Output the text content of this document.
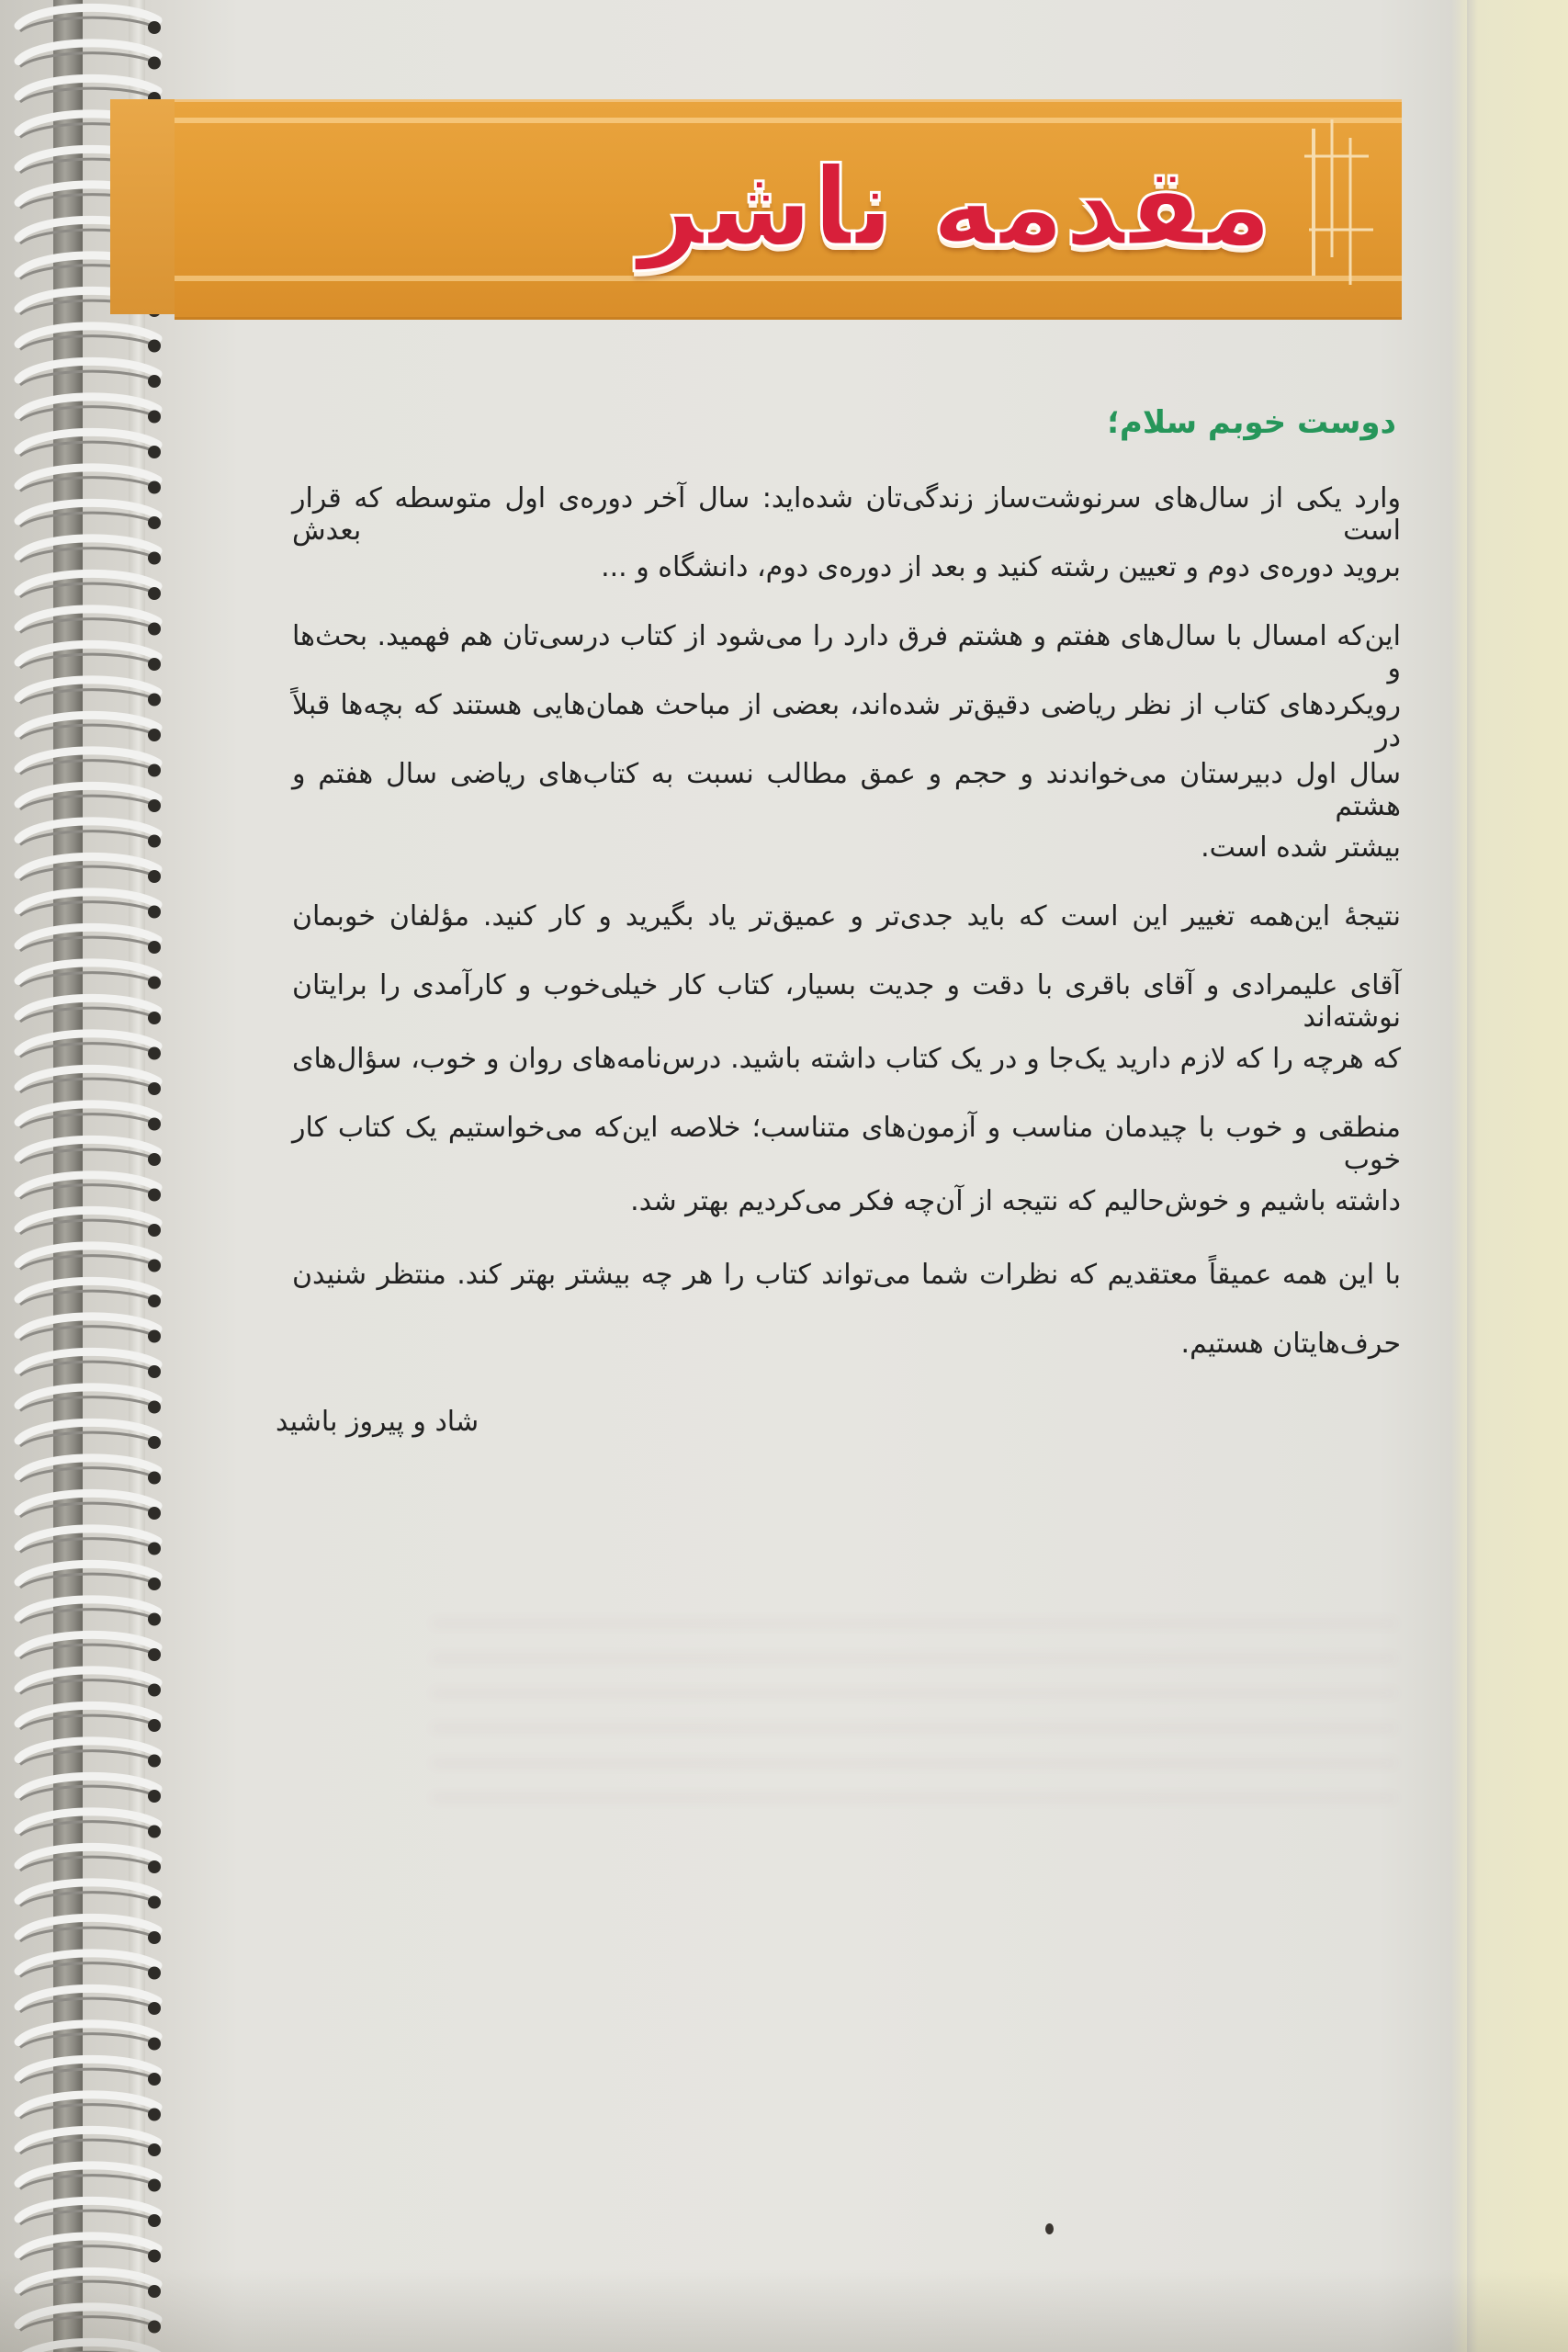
مقدمه ناشر
دوست خوبم سلام؛
وارد یکی از سال‌های سرنوشت‌ساز زندگی‌تان شده‌اید: سال آخر دوره‌ی اول متوسطه که قرار است بعدش
بروید دوره‌ی دوم و تعیین رشته کنید و بعد از دوره‌ی دوم، دانشگاه و ...
این‌که امسال با سال‌های هفتم و هشتم فرق دارد را می‌شود از کتاب درسی‌تان هم فهمید. بحث‌ها و
رویکردهای کتاب از نظر ریاضی دقیق‌تر شده‌اند، بعضی از مباحث همان‌هایی هستند که بچه‌ها قبلاً در
سال اول دبیرستان می‌خواندند و حجم و عمق مطالب نسبت به کتاب‌های ریاضی سال هفتم و هشتم
بیشتر شده است.
نتیجهٔ این‌همه تغییر این است که باید جدی‌تر و عمیق‌تر یاد بگیرید و کار کنید. مؤلفان خوبمان
آقای علیمرادی و آقای باقری با دقت و جدیت بسیار، کتاب کار خیلی‌خوب و کارآمدی را برایتان نوشته‌اند
که هرچه را که لازم دارید یک‌جا و در یک کتاب داشته باشید. درس‌نامه‌های روان و خوب، سؤال‌های
منطقی و خوب با چیدمان مناسب و آزمون‌های متناسب؛ خلاصه این‌که می‌خواستیم یک کتاب کار خوب
داشته باشیم و خوش‌حالیم که نتیجه از آن‌چه فکر می‌کردیم بهتر شد.
با این همه عمیقاً معتقدیم که نظرات شما می‌تواند کتاب را هر چه بیشتر بهتر کند. منتظر شنیدن
حرف‌هایتان هستیم.
شاد و پیروز باشید
